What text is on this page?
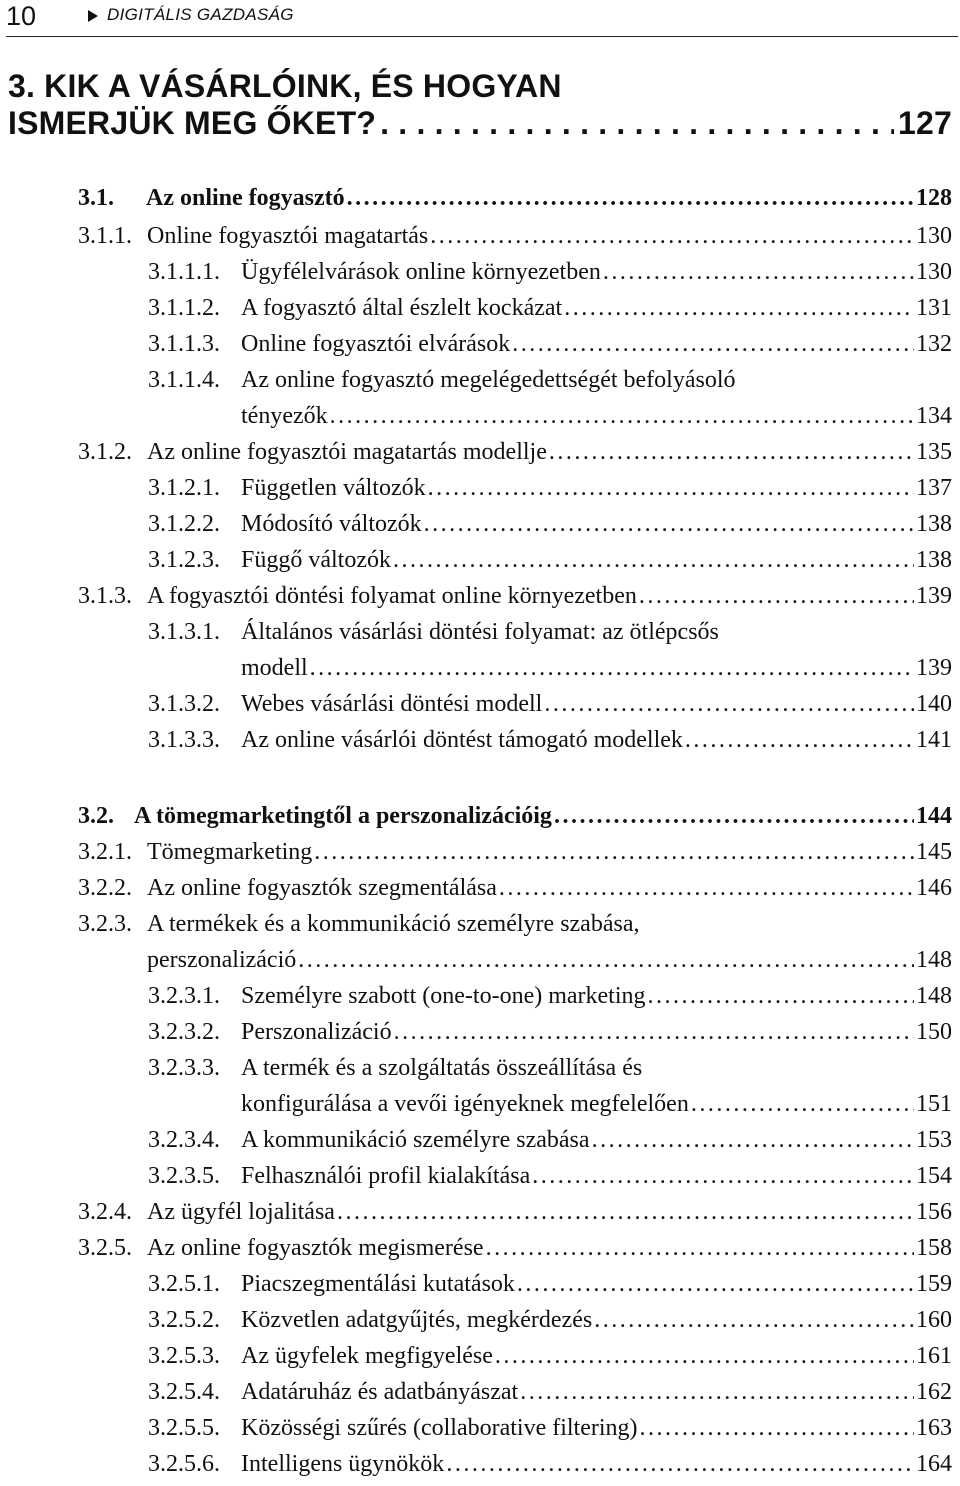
10	DIGITÁLIS GAZDASÁG
3. KIK A VÁSÁRLÓINK, ÉS HOGYAN
ISMERJÜK MEG ŐKET? . . .	127
3.1.	Az online fogyasztó .....	128
3.1.1. Online fogyasztói magatartás .....	130
3.1.1.1. Ügyfélelvárások online környezetben .....	130
3.1.1.2. A fogyasztó által észlelt kockázat .....	131
3.1.1.3. Online fogyasztói elvárások .....	132
3.1.1.4. Az online fogyasztó megelégedettségét befolyásoló
tényezők .....	134
3.1.2. Az online fogyasztói magatartás modellje .....	135
3.1.2.1. Független változók .....	137
3.1.2.2. Módosító változók .....	138
3.1.2.3. Függő változók .....	138
3.1.3. A fogyasztói döntési folyamat online környezetben .....	139
3.1.3.1. Általános vásárlási döntési folyamat: az ötlépcsős
modell .....	139
3.1.3.2. Webes vásárlási döntési modell .....	140
3.1.3.3. Az online vásárlói döntést támogató modellek .....	141
3.2. A tömegmarketingtől a perszonalizációig .....	144
3.2.1. Tömegmarketing .....	145
3.2.2. Az online fogyasztók szegmentálása .....	146
3.2.3. A termékek és a kommunikáció személyre szabása,
perszonalizáció .....	148
3.2.3.1. Személyre szabott (one-to-one) marketing .....	148
3.2.3.2. Perszonalizáció .....	150
3.2.3.3. A termék és a szolgáltatás összeállítása és
konfigurálása a vevői igényeknek megfelelően .....	151
3.2.3.4. A kommunikáció személyre szabása .....	153
3.2.3.5. Felhasználói profil kialakítása .....	154
3.2.4. Az ügyfél lojalitása .....	156
3.2.5. Az online fogyasztók megismerése .....	158
3.2.5.1. Piacszegmentálási kutatások .....	159
3.2.5.2. Közvetlen adatgyűjtés, megkérdezés .....	160
3.2.5.3. Az ügyfelek megfigyelése .....	161
3.2.5.4. Adatáruház és adatbányászat .....	162
3.2.5.5. Közösségi szűrés (collaborative filtering) .....	163
3.2.5.6. Intelligens ügynökök .....	164
